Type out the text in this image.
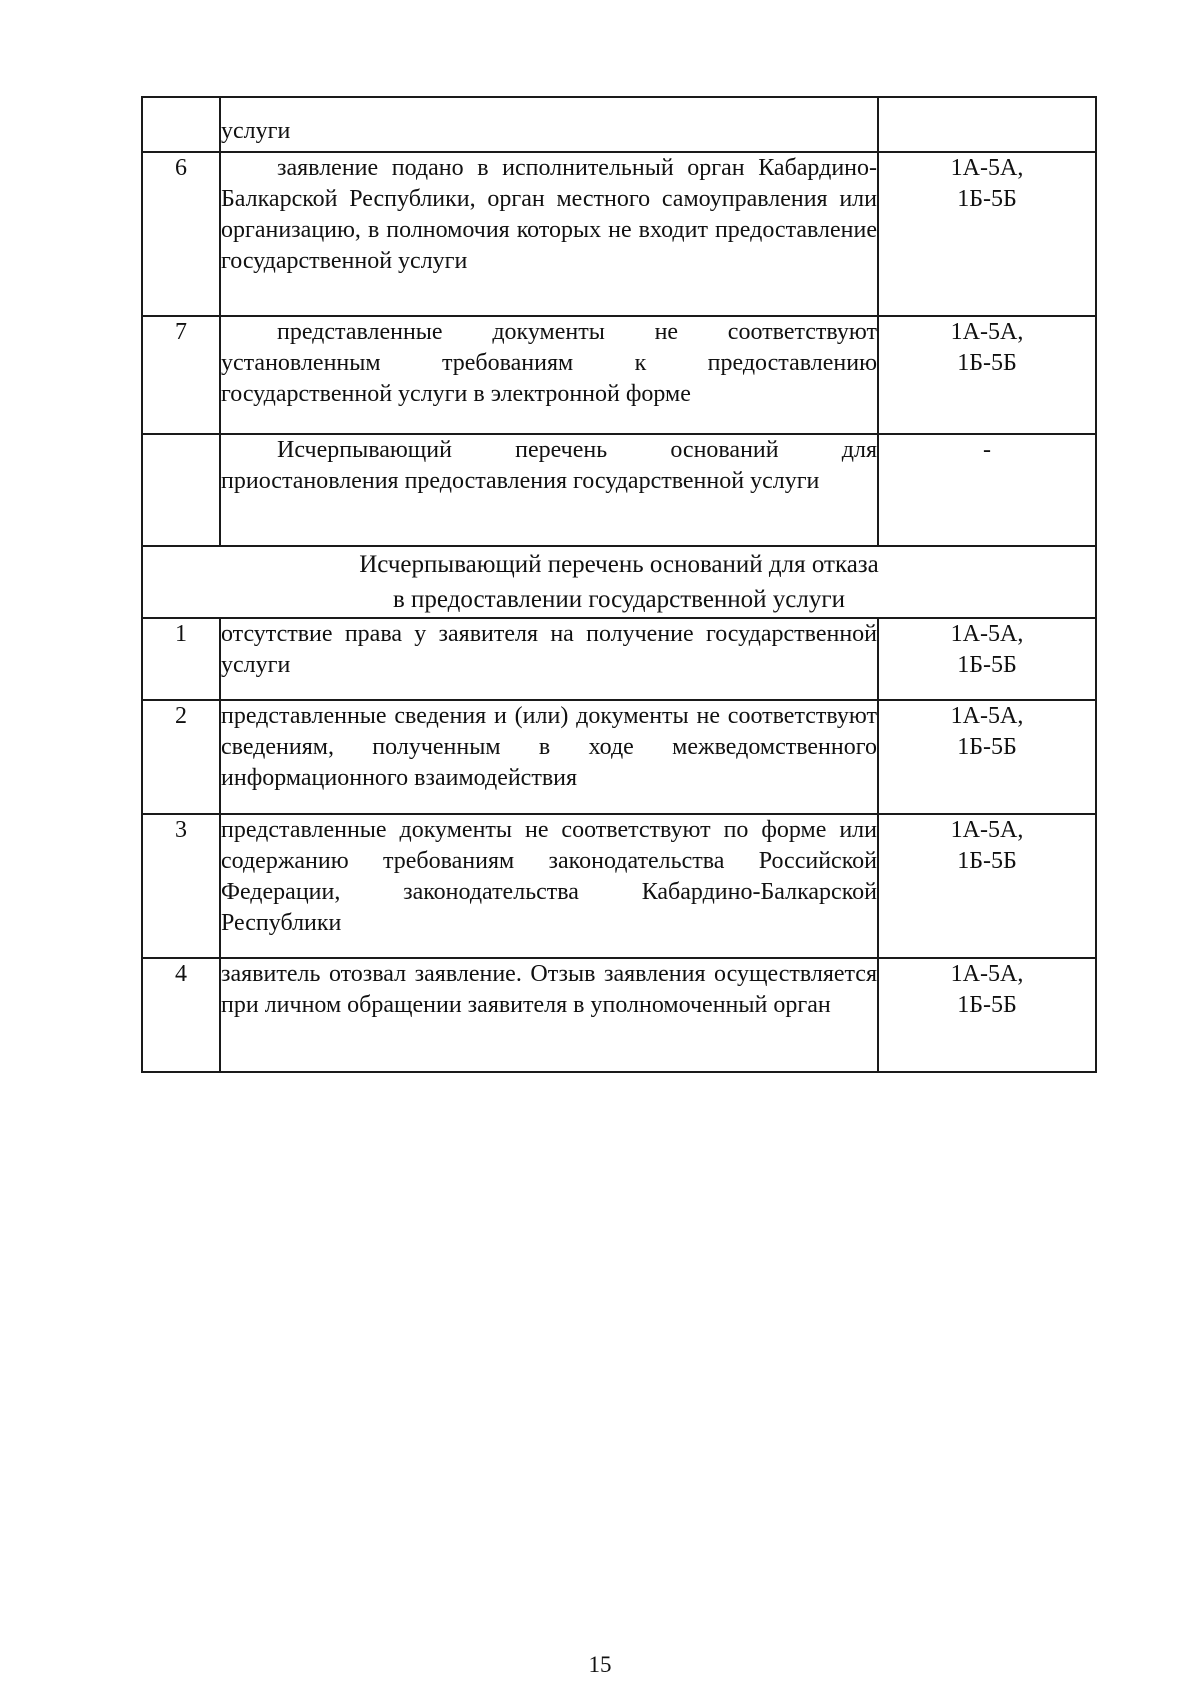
	услуги	
6	заявление подано в исполнительный орган Кабардино-Балкарской Республики, орган местного самоуправления или организацию, в полномочия которых не входит предоставление государственной услуги	1А-5А,
1Б-5Б

7	представленные документы не соответствуют установленным требованиям к предоставлению государственной услуги в электронной форме	1А-5А,
1Б-5Б

	Исчерпывающий перечень оснований для приостановления предоставления государственной услуги	-

Исчерпывающий перечень оснований для отказа
в предоставлении государственной услуги		

1	отсутствие права у заявителя на получение государственной услуги	1А-5А,
1Б-5Б

2	представленные сведения и (или) документы не соответствуют сведениям, полученным в ходе межведомственного информационного взаимодействия	1А-5А,
1Б-5Б

3	представленные документы не соответствуют по форме или содержанию требованиям законодательства Российской Федерации, законодательства Кабардино-Балкарской Республики	1А-5А,
1Б-5Б

4	заявитель отозвал заявление. Отзыв заявления осуществляется при личном обращении заявителя в уполномоченный орган	1А-5А,
1Б-5Б
15
